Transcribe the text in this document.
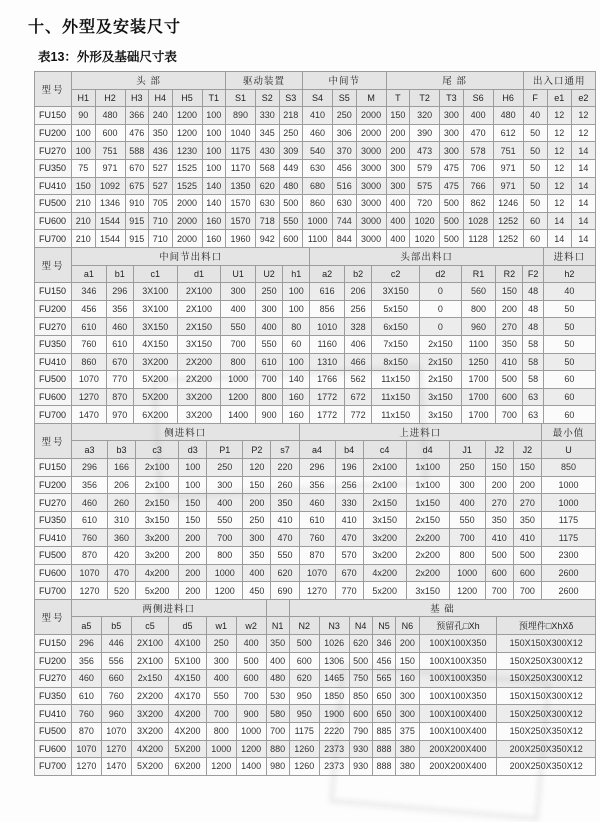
十、外型及安装尺寸
表13：外形及基础尺寸表
型号	头 部						驱动装置			中间节			尾 部					出入口通用		
	H1	H2	H3	H4	H5	T1	S1	S2	S3	S4	S5	M	T	T2	T3	S6	H6	F	e1	e2
FU150	90	480	366	240	1200	100	890	330	218	410	250	2000	150	320	300	400	480	40	12	12
FU200	100	600	476	350	1200	100	1040	345	250	460	306	2000	200	390	300	470	612	50	12	12
FU270	100	751	588	436	1230	100	1175	430	309	540	370	3000	200	473	300	578	751	50	12	14
FU350	75	971	670	527	1525	100	1170	568	449	630	456	3000	300	579	475	706	971	50	12	14
FU410	150	1092	675	527	1525	140	1350	620	480	680	516	3000	300	575	475	766	971	50	12	14
FU500	210	1346	910	705	2000	140	1570	630	500	860	630	3000	400	720	500	862	1246	50	12	14
FU600	210	1544	915	710	2000	160	1570	718	550	1000	744	3000	400	1020	500	1028	1252	60	14	14
FU700	210	1544	915	710	2000	160	1960	942	600	1100	844	3000	400	1020	500	1128	1252	60	14	14
型号	中间节出料口							头部出料口							进料口
	a1	b1	c1	d1	U1	U2	h1	a2	b2	c2	d2	R1	R2	F2	h2
FU150	346	296	3X100	2X100	300	250	100	616	206	3X150	0	560	150	48	40
FU200	456	356	3X100	2X100	400	300	100	856	256	5x150	0	800	200	48	50
FU270	610	460	3X150	2X150	550	400	80	1010	328	6x150	0	960	270	48	50
FU350	760	610	4X150	3X150	700	550	60	1160	406	7x150	2x150	1100	350	58	50
FU410	860	670	3X200	2X200	800	610	100	1310	466	8x150	2x150	1250	410	58	50
FU500	1070	770	5X200	2X200	1000	700	140	1766	562	11x150	2x150	1700	500	58	60
FU600	1270	870	5X200	3X200	1200	800	160	1772	672	11x150	3x150	1700	600	63	60
FU700	1470	970	6X200	3X200	1400	900	160	1772	772	11x150	3x150	1700	700	63	60
型号	侧进料口							上进料口							最小值
	a3	b3	c3	d3	P1	P2	s7	a4	b4	c4	d4	J1	J2	J2	U
FU150	296	166	2x100	100	250	120	220	296	196	2x100	1x100	250	150	150	850
FU200	356	206	2x100	100	300	150	260	356	256	2x100	1x100	300	200	200	1000
FU270	460	260	2x150	150	400	200	350	460	330	2x150	1x150	400	270	270	1000
FU350	610	310	3x150	150	550	250	410	610	410	3x150	2x150	550	350	350	1175
FU410	760	360	3x200	200	700	300	470	760	470	3x200	2x200	700	410	410	1175
FU500	870	420	3x200	200	800	350	550	870	570	3x200	2x200	800	500	500	2300
FU600	1070	470	4x200	200	1000	400	620	1070	670	4x200	2x200	1000	600	600	2600
FU700	1270	520	5x200	200	1200	450	690	1270	770	5x200	3x150	1200	700	700	2600
型号	两侧进料口							基 础						
	a5	b5	c5	d5	w1	w2	N1	N2	N3	N4	N5	N6	预留孔□Xh	预埋件□XhXδ
FU150	296	446	2X100	4X100	250	400	350	500	1026	620	346	200	100X100X350	150X150X300X12
FU200	356	556	2X100	5X100	300	500	400	600	1306	500	456	150	100X100X350	150X250X300X12
FU270	460	660	2x150	4X150	400	600	480	620	1465	750	565	160	100X100X350	150X250X300X12
FU350	610	760	2X200	4X170	550	700	530	950	1850	850	650	300	100X100X350	150X150X300X12
FU410	760	960	3X200	4X200	700	900	580	950	1900	600	650	300	100X100X400	150X250X300X12
FU500	870	1070	3X200	4X200	800	1000	700	1175	2220	790	885	375	100X100X400	150X250X350X12
FU600	1070	1270	4X200	5X200	1000	1200	880	1260	2373	930	888	380	200X200X400	200X250X350X12
FU700	1270	1470	5X200	6X200	1200	1400	980	1260	2373	930	888	380	200X200X400	200X250X350X12
